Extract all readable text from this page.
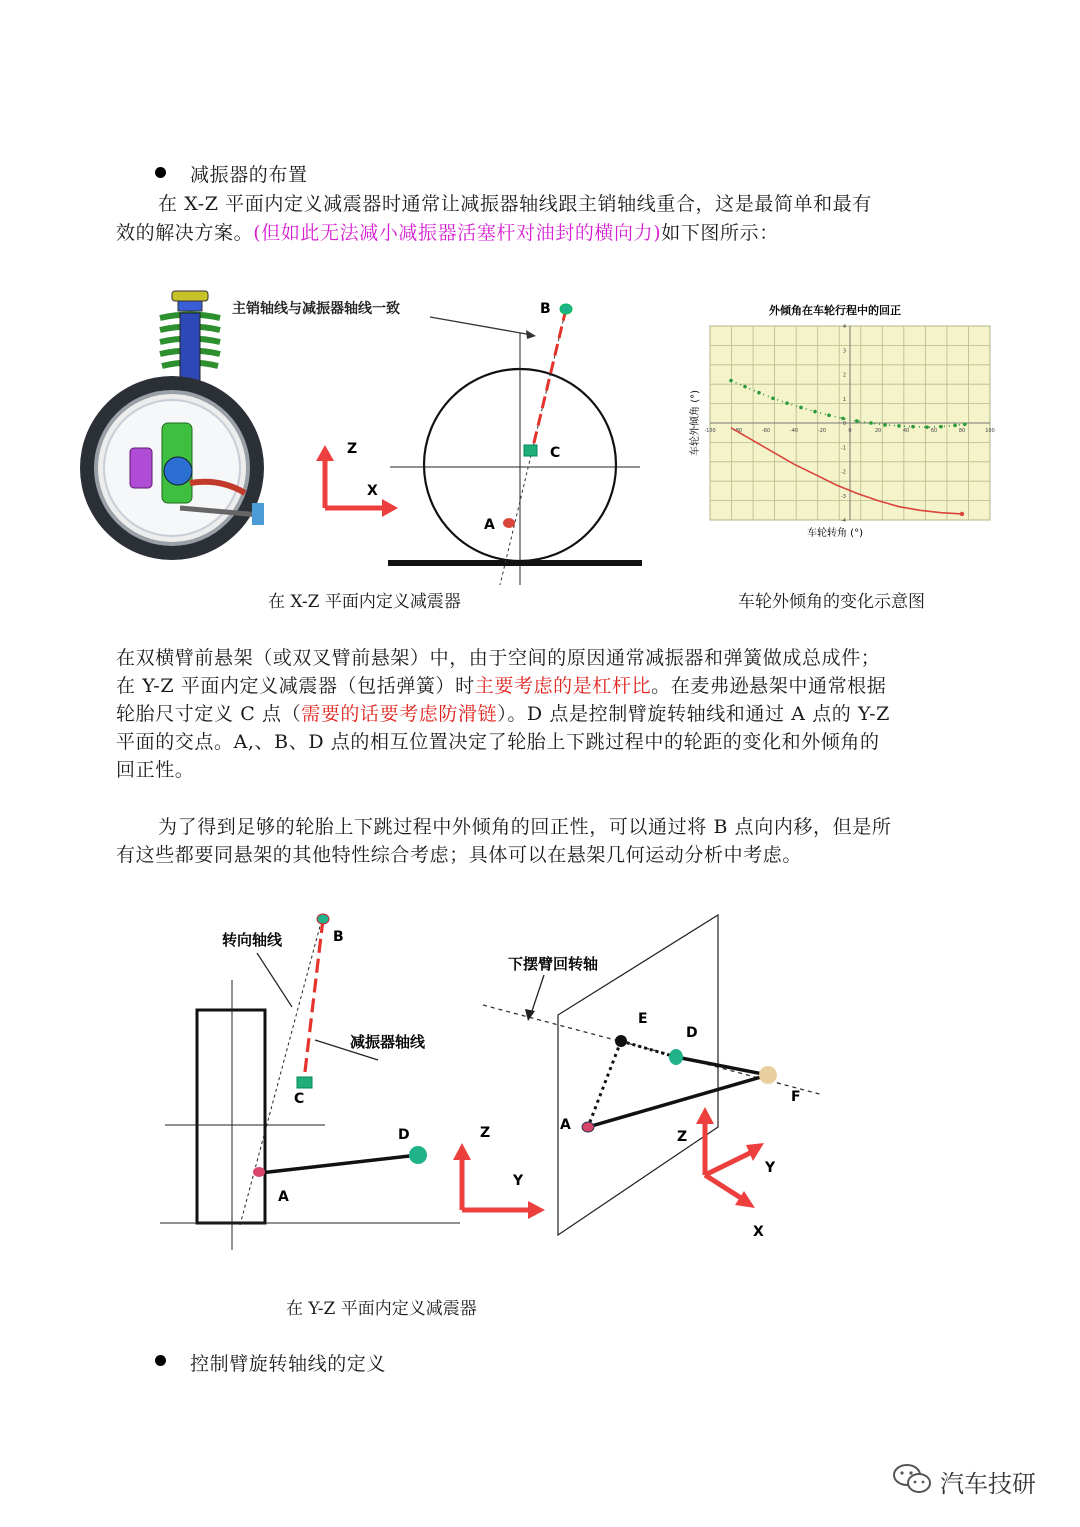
减振器的布置
在 X-Z 平面内定义减震器时通常让减振器轴线跟主销轴线重合，这是最简单和最有
效的解决方案。(但如此无法减小减振器活塞杆对油封的横向力)如下图所示：
主销轴线与减振器轴线一致	B
C
A
Z
X
外倾角在车轮行程中的回正
-100	-80	-60	-40	-20	0	20	40	60	80	100
4
3
2
1
0
-1
-2
-3
-4
车轮转角 (°)
车轮外倾角 (°)
在 X-Z 平面内定义减震器	车轮外倾角的变化示意图
在双横臂前悬架（或双叉臂前悬架）中，由于空间的原因通常减振器和弹簧做成总成件；
在 Y-Z 平面内定义减震器（包括弹簧）时主要考虑的是杠杆比。在麦弗逊悬架中通常根据
轮胎尺寸定义 C 点（需要的话要考虑防滑链）。D 点是控制臂旋转轴线和通过 A 点的 Y-Z
平面的交点。A,、B、D 点的相互位置决定了轮胎上下跳过程中的轮距的变化和外倾角的
回正性。
为了得到足够的轮胎上下跳过程中外倾角的回正性，可以通过将 B 点向内移，但是所
有这些都要同悬架的其他特性综合考虑；具体可以在悬架几何运动分析中考虑。
B
C
转向轴线
减振器轴线
A
D	Z
Y
下摆臂回转轴
E
D
A
F
Z
Y
X
在 Y-Z 平面内定义减震器
控制臂旋转轴线的定义
汽车技研
